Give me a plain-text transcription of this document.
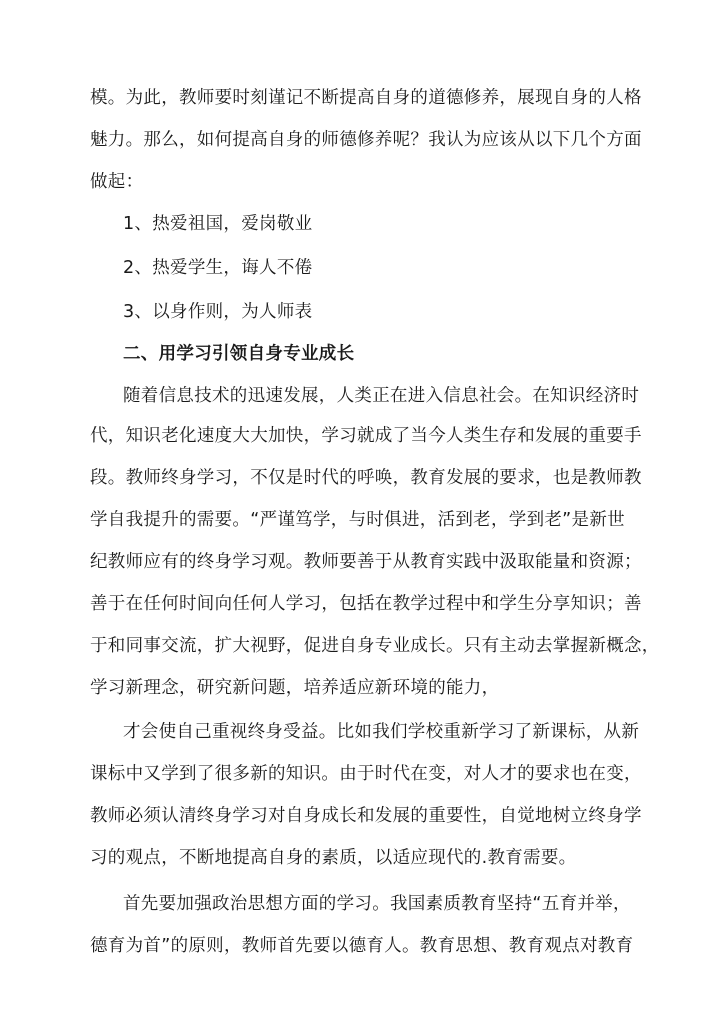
模。为此，教师要时刻谨记不断提高自身的道德修养，展现自身的人格
魅力。那么，如何提高自身的师德修养呢？我认为应该从以下几个方面
做起：
1、热爱祖国，爱岗敬业
2、热爱学生，诲人不倦
3、以身作则，为人师表
二、用学习引领自身专业成长
随着信息技术的迅速发展，人类正在进入信息社会。在知识经济时
代，知识老化速度大大加快，学习就成了当今人类生存和发展的重要手
段。教师终身学习，不仅是时代的呼唤，教育发展的要求，也是教师教
学自我提升的需要。“严谨笃学，与时俱进，活到老，学到老”是新世
纪教师应有的终身学习观。教师要善于从教育实践中汲取能量和资源；
善于在任何时间向任何人学习，包括在教学过程中和学生分享知识；善
于和同事交流，扩大视野，促进自身专业成长。只有主动去掌握新概念，
学习新理念，研究新问题，培养适应新环境的能力，
才会使自己重视终身受益。比如我们学校重新学习了新课标，从新
课标中又学到了很多新的知识。由于时代在变，对人才的要求也在变，
教师必须认清终身学习对自身成长和发展的重要性，自觉地树立终身学
习的观点，不断地提高自身的素质，以适应现代的.教育需要。
首先要加强政治思想方面的学习。我国素质教育坚持“五育并举，
德育为首”的原则，教师首先要以德育人。教育思想、教育观点对教育
